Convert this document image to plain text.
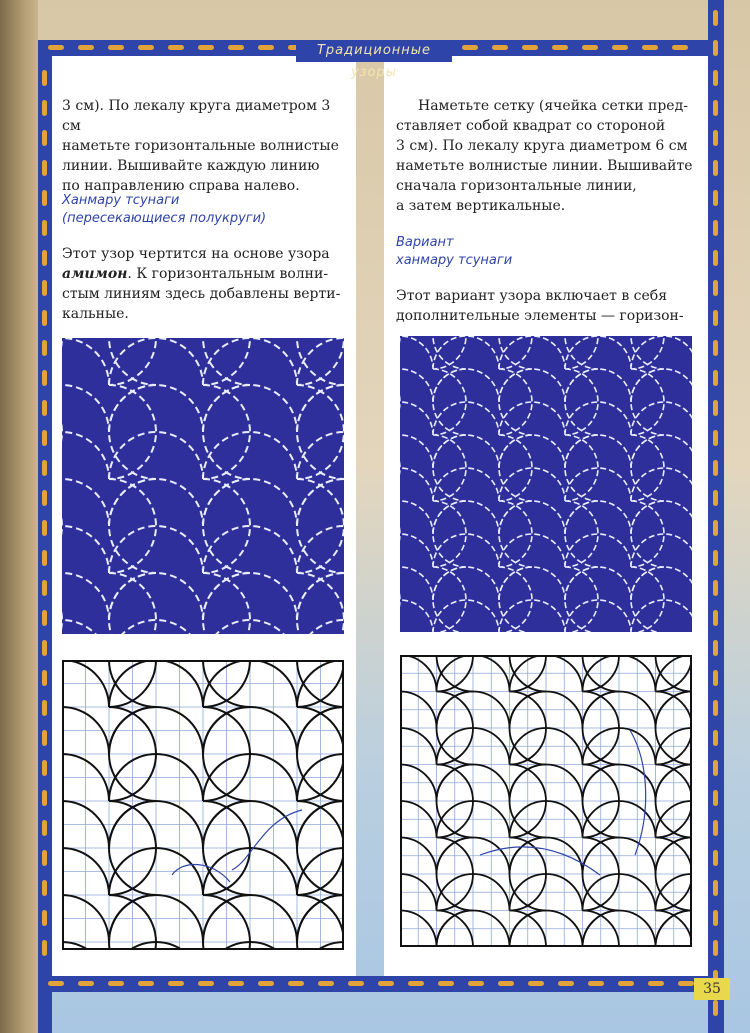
Традиционные узоры
3 см). По лекалу круга диаметром 3 см
наметьте горизонтальные волнистые
линии. Вышивайте каждую линию
по направлению справа налево.
Ханмару тсунаги
(пересекающиеся полукруги)
Этот узор чертится на основе узора
амимон. К горизонтальным волни-
стым линиям здесь добавлены верти-
кальные.
Наметьте сетку (ячейка сетки пред-
ставляет собой квадрат со стороной
3 см). По лекалу круга диаметром 6 см
наметьте волнистые линии. Вышивайте
сначала горизонтальные линии,
а затем вертикальные.
Вариант
ханмару тсунаги
Этот вариант узора включает в себя
дополнительные элементы — горизон-
35
